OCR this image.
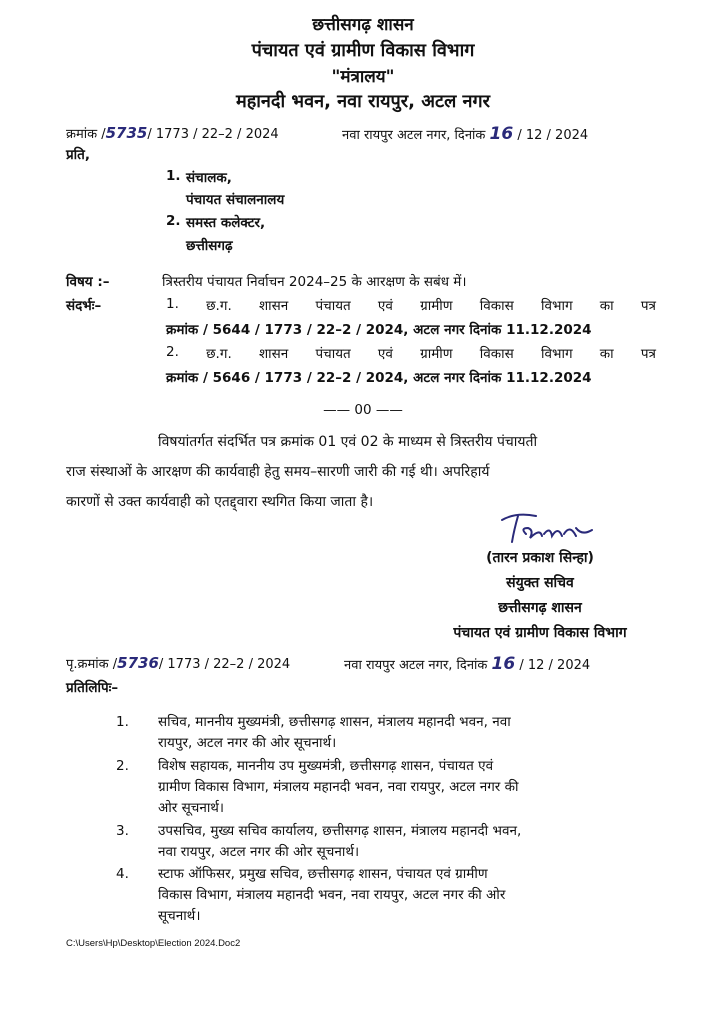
छत्तीसगढ़ शासन
पंचायत एवं ग्रामीण विकास विभाग
"मंत्रालय"
महानदी भवन, नवा रायपुर, अटल नगर
क्रमांक /5735/ 1773 / 22–2 / 2024	नवा रायपुर अटल नगर, दिनांक 16 / 12 / 2024
प्रति,
1. संचालक,
पंचायत संचालनालय
2. समस्त कलेक्टर,
छत्तीसगढ़
विषय :–	त्रिस्तरीय पंचायत निर्वाचन 2024–25 के आरक्षण के सबंध में।
संदर्भः–	1. छ.ग. शासन पंचायत एवं ग्रामीण विकास विभाग का पत्र
क्रमांक / 5644 / 1773 / 22–2 / 2024, अटल नगर दिनांक 11.12.2024
2. छ.ग. शासन पंचायत एवं ग्रामीण विकास विभाग का पत्र
क्रमांक / 5646 / 1773 / 22–2 / 2024, अटल नगर दिनांक 11.12.2024
—— 00 ——
विषयांतर्गत संदर्भित पत्र क्रमांक 01 एवं 02 के माध्यम से त्रिस्तरीय पंचायती
राज संस्थाओं के आरक्षण की कार्यवाही हेतु समय–सारणी जारी की गई थी। अपरिहार्य
कारणों से उक्त कार्यवाही को एतद्द्वारा स्थगित किया जाता है।
(तारन प्रकाश सिन्हा)
संयुक्त सचिव
छत्तीसगढ़ शासन
पंचायत एवं ग्रामीण विकास विभाग
पृ.क्रमांक /5736/ 1773 / 22–2 / 2024	नवा रायपुर अटल नगर, दिनांक 16 / 12 / 2024
प्रतिलिपिः–
1. सचिव, माननीय मुख्यमंत्री, छत्तीसगढ़ शासन, मंत्रालय महानदी भवन, नवा
रायपुर, अटल नगर की ओर सूचनार्थ।
2. विशेष सहायक, माननीय उप मुख्यमंत्री, छत्तीसगढ़ शासन, पंचायत एवं
ग्रामीण विकास विभाग, मंत्रालय महानदी भवन, नवा रायपुर, अटल नगर की
ओर सूचनार्थ।
3. उपसचिव, मुख्य सचिव कार्यालय, छत्तीसगढ़ शासन, मंत्रालय महानदी भवन,
नवा रायपुर, अटल नगर की ओर सूचनार्थ।
4. स्टाफ ऑफिसर, प्रमुख सचिव, छत्तीसगढ़ शासन, पंचायत एवं ग्रामीण
विकास विभाग, मंत्रालय महानदी भवन, नवा रायपुर, अटल नगर की ओर
सूचनार्थ।
C:\Users\Hp\Desktop\Election 2024.Doc2
